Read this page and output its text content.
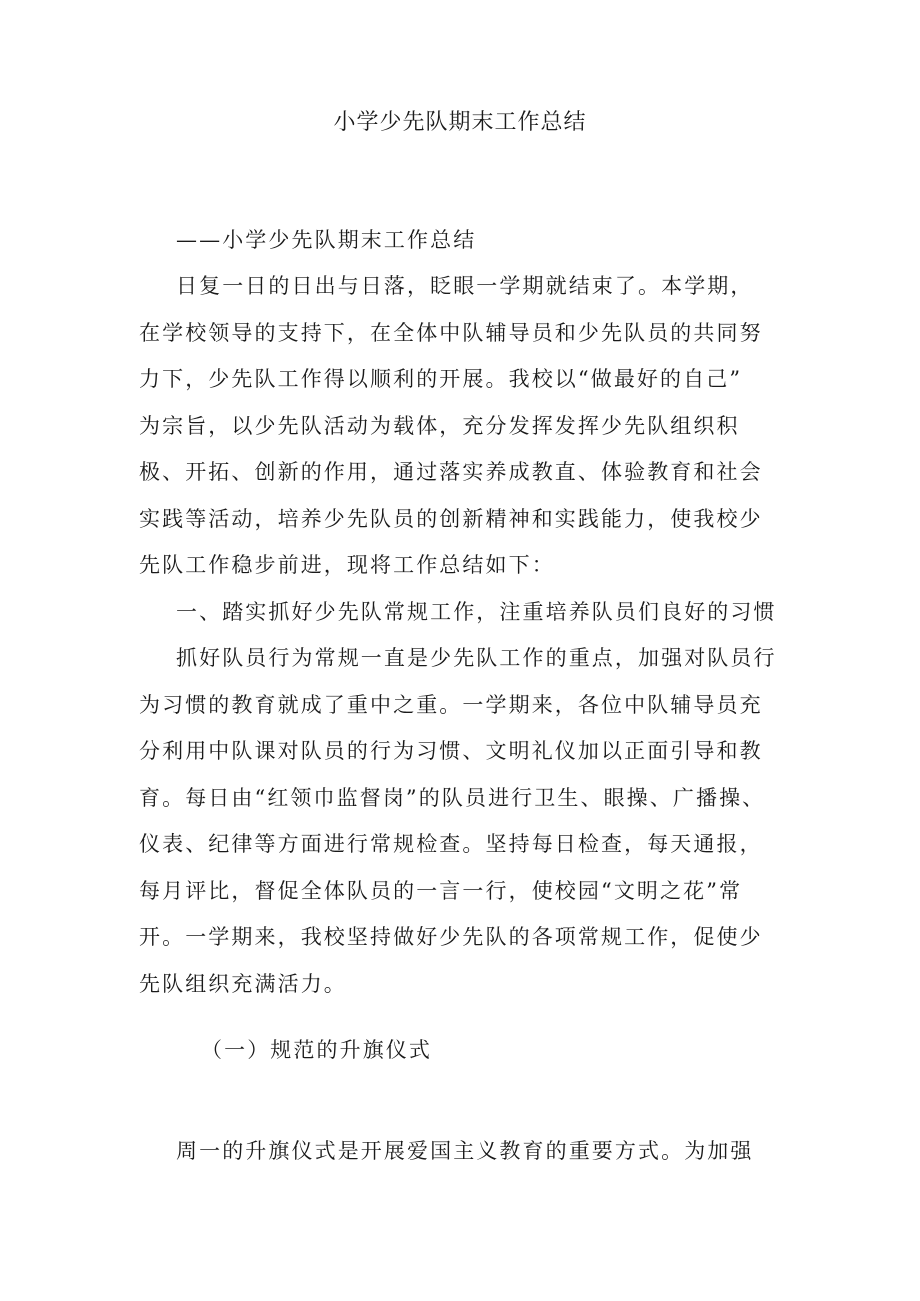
小学少先队期末工作总结
——小学少先队期末工作总结
日复一日的日出与日落，眨眼一学期就结束了。本学期，
在学校领导的支持下，在全体中队辅导员和少先队员的共同努
力下，少先队工作得以顺利的开展。我校以“做最好的自己”
为宗旨，以少先队活动为载体，充分发挥发挥少先队组织积
极、开拓、创新的作用，通过落实养成教直、体验教育和社会
实践等活动，培养少先队员的创新精神和实践能力，使我校少
先队工作稳步前进，现将工作总结如下：
一、踏实抓好少先队常规工作，注重培养队员们良好的习惯
抓好队员行为常规一直是少先队工作的重点，加强对队员行
为习惯的教育就成了重中之重。一学期来，各位中队辅导员充
分利用中队课对队员的行为习惯、文明礼仪加以正面引导和教
育。每日由“红领巾监督岗”的队员进行卫生、眼操、广播操、
仪表、纪律等方面进行常规检查。坚持每日检查，每天通报，
每月评比，督促全体队员的一言一行，使校园“文明之花”常
开。一学期来，我校坚持做好少先队的各项常规工作，促使少
先队组织充满活力。
（一）规范的升旗仪式
周一的升旗仪式是开展爱国主义教育的重要方式。为加强
